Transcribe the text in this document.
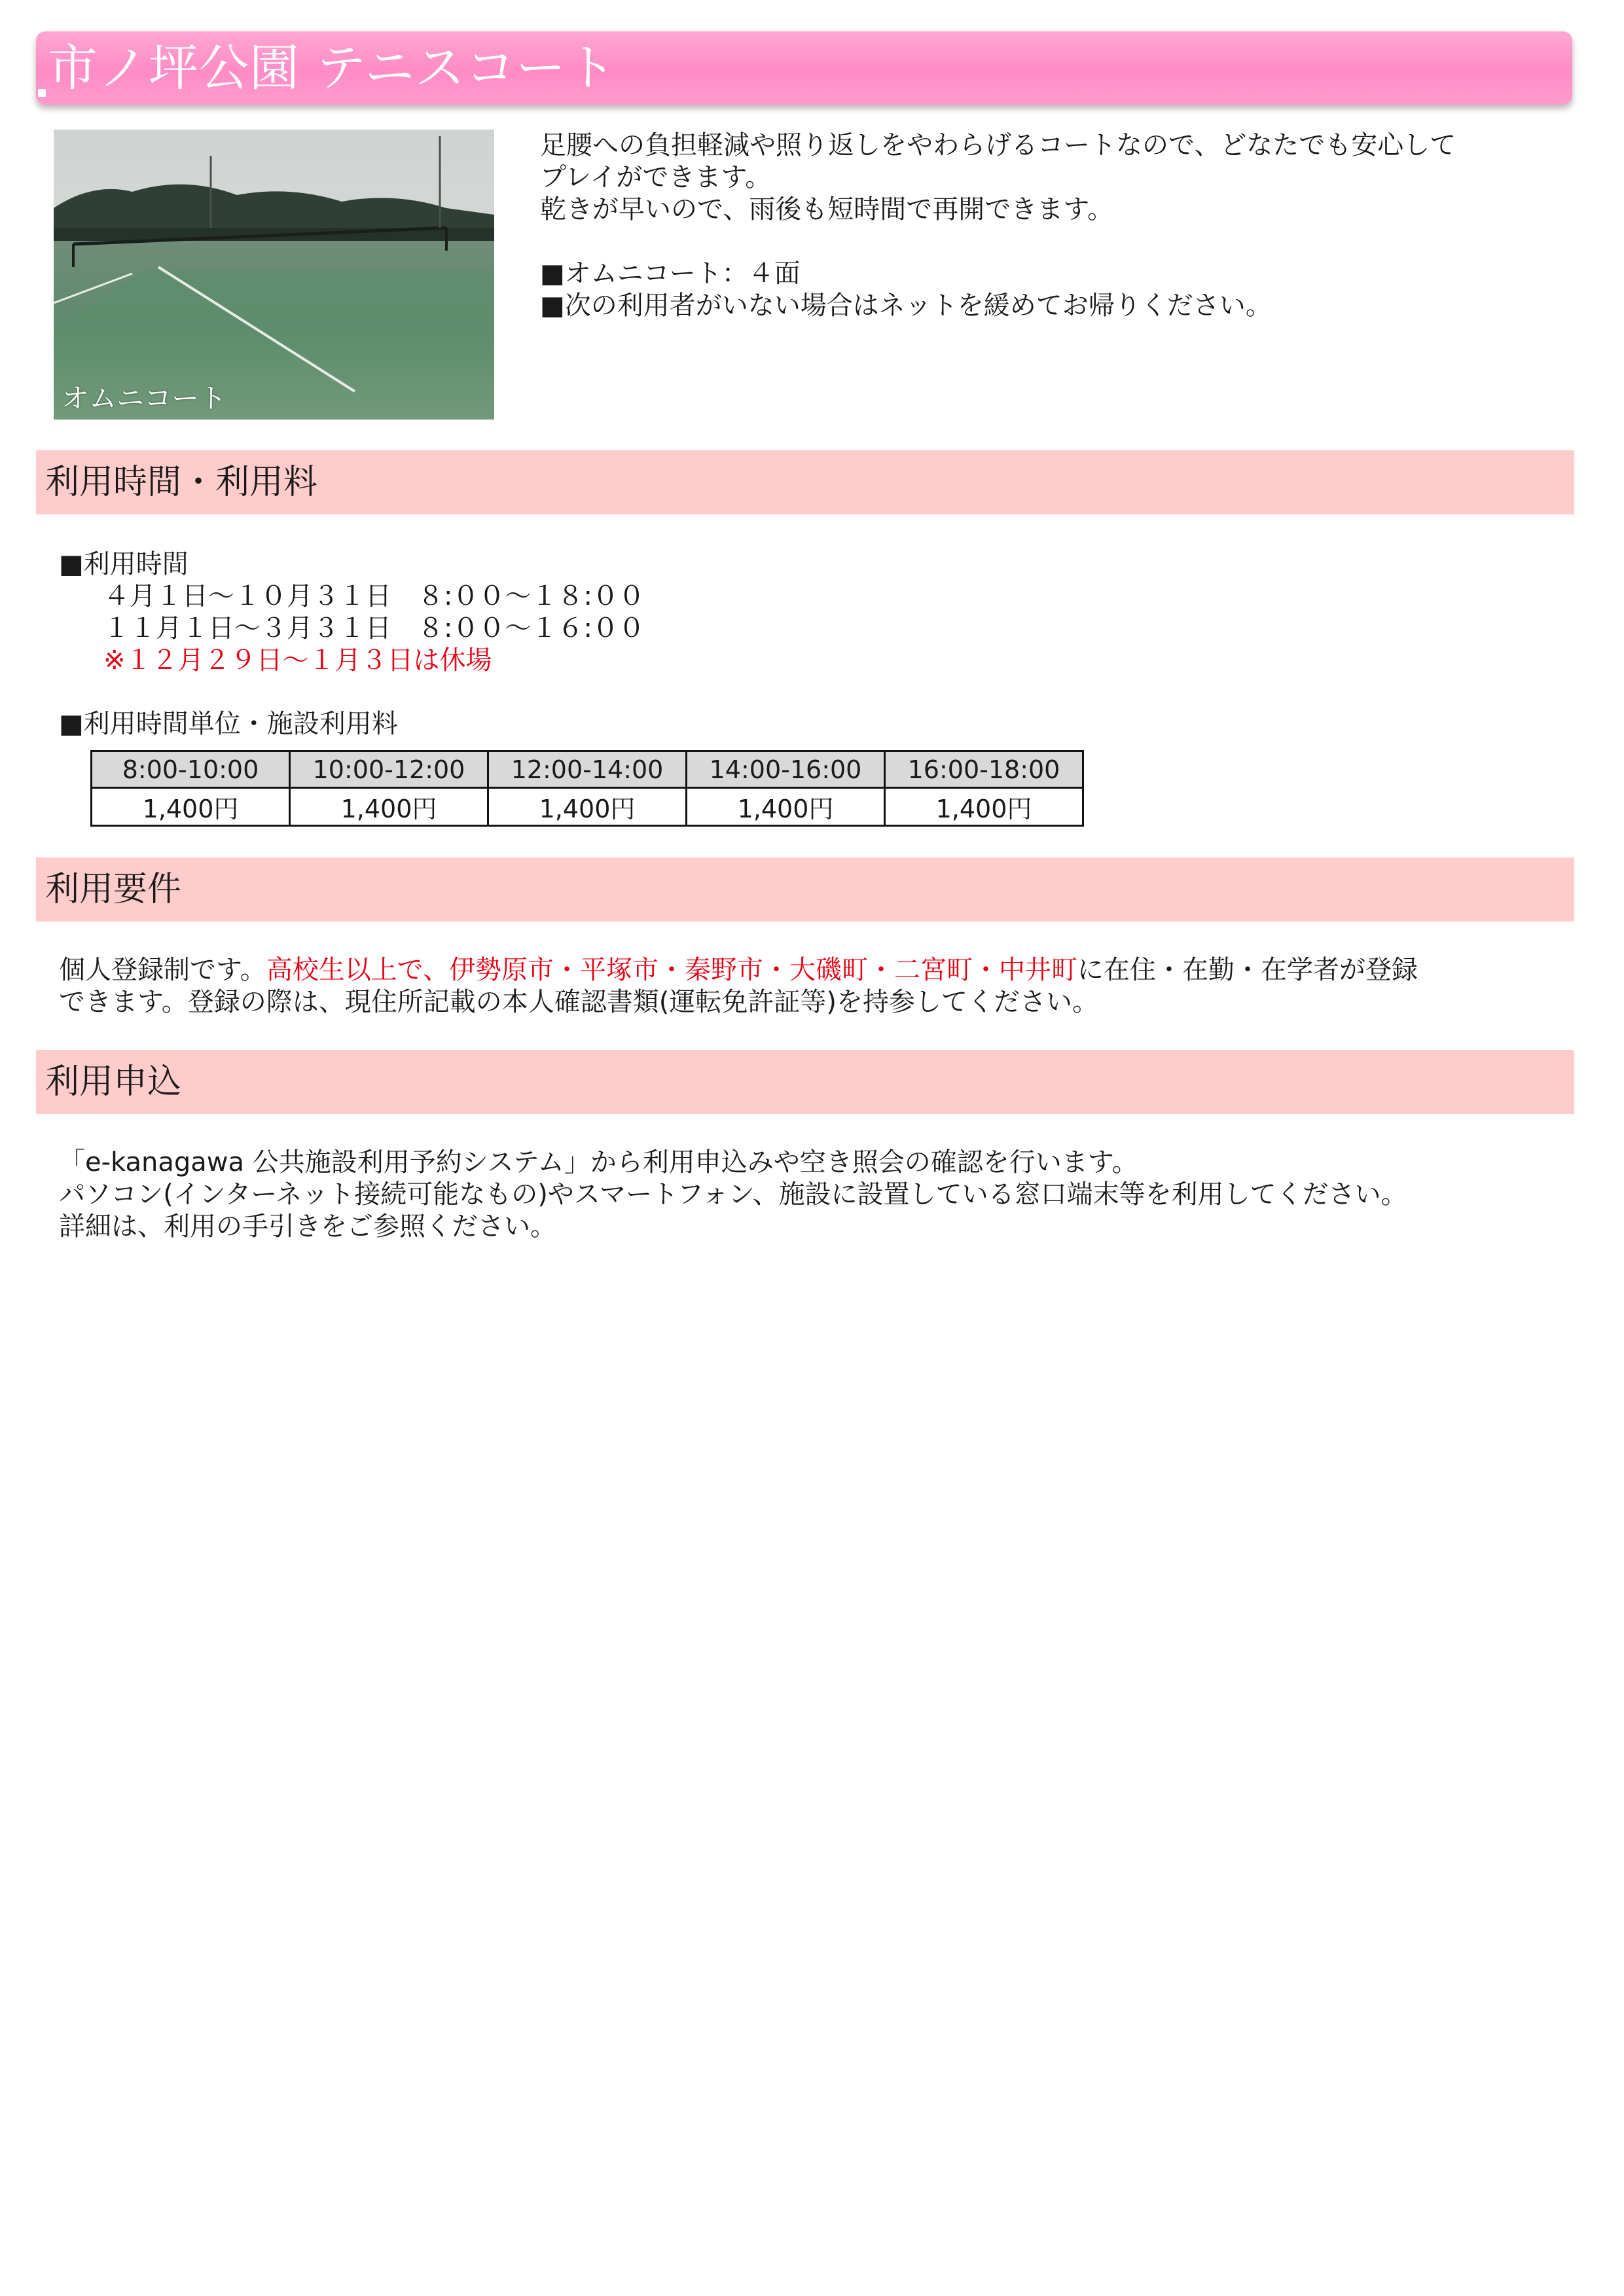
市ノ坪公園 テニスコート
オムニコート

足腰への負担軽減や照り返しをやわらげるコートなので、どなたでも安心して

プレイができます。

乾きが早いので、雨後も短時間で再開できます。

■オムニコート：４面

■次の利用者がいない場合はネットを緩めてお帰りください。

利用時間・利用料

■利用時間

４月１日～１０月３１日　８:００～１８:００

１１月１日～３月３１日　８:００～１６:００

※１２月２９日～１月３日は休場

■利用時間単位・施設利用料
8:00-10:00	10:00-12:00	12:00-14:00	14:00-16:00	16:00-18:00
1,400円	1,400円	1,400円	1,400円	1,400円
利用要件

個人登録制です。高校生以上で、伊勢原市・平塚市・秦野市・大磯町・二宮町・中井町に在住・在勤・在学者が登録

できます。登録の際は、現住所記載の本人確認書類(運転免許証等)を持参してください。

利用申込

「e-kanagawa 公共施設利用予約システム」から利用申込みや空き照会の確認を行います。

パソコン(インターネット接続可能なもの)やスマートフォン、施設に設置している窓口端末等を利用してください。

詳細は、利用の手引きをご参照ください。
